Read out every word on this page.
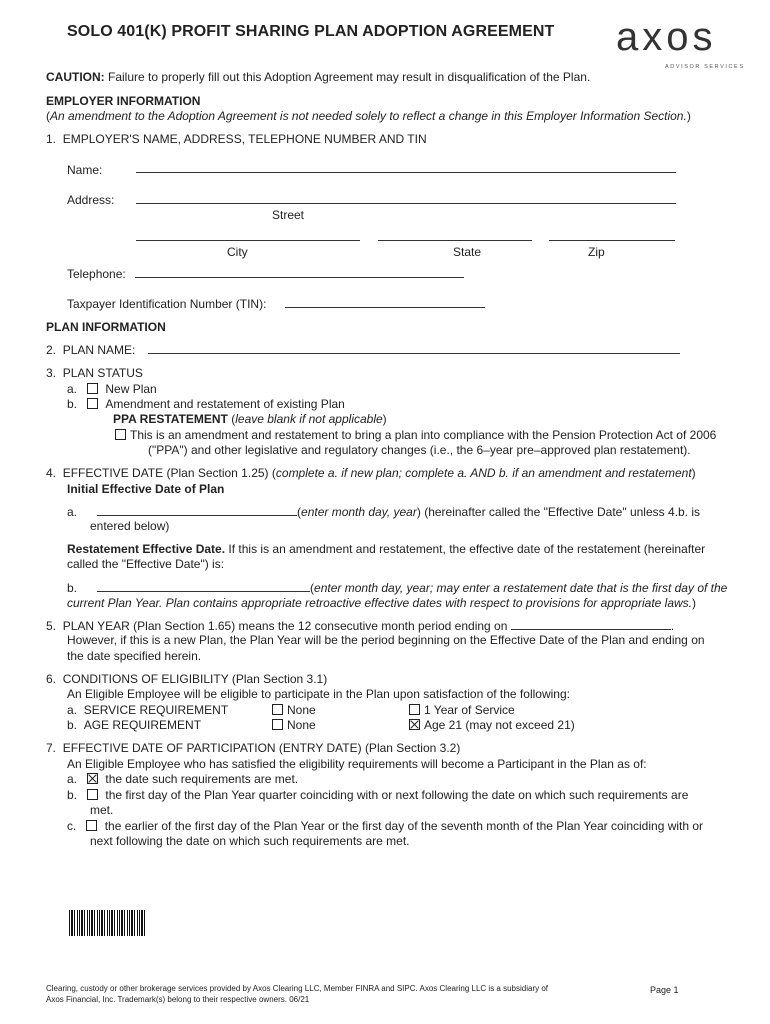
SOLO 401(K) PROFIT SHARING PLAN ADOPTION AGREEMENT axos
ADVISOR SERVICES
CAUTION: Failure to properly fill out this Adoption Agreement may result in disqualification of the Plan.
EMPLOYER INFORMATION
(An amendment to the Adoption Agreement is not needed solely to reflect a change in this Employer Information Section.)
1.  EMPLOYER'S NAME, ADDRESS, TELEPHONE NUMBER AND TIN
Name:
Address:
Street
City	State	Zip
Telephone:
Taxpayer Identification Number (TIN):
PLAN INFORMATION
2.  PLAN NAME:
3.  PLAN STATUS
a.    New Plan
b.    Amendment and restatement of existing Plan
PPA RESTATEMENT (leave blank if not applicable)
This is an amendment and restatement to bring a plan into compliance with the Pension Protection Act of 2006
("PPA") and other legislative and regulatory changes (i.e., the 6–year pre–approved plan restatement).
4.  EFFECTIVE DATE (Plan Section 1.25) (complete a. if new plan; complete a. AND b. if an amendment and restatement)
Initial Effective Date of Plan
a.	(enter month day, year) (hereinafter called the "Effective Date" unless 4.b. is
entered below)
Restatement Effective Date. If this is an amendment and restatement, the effective date of the restatement (hereinafter
called the "Effective Date") is:
b.	(enter month day, year; may enter a restatement date that is the first day of the
current Plan Year. Plan contains appropriate retroactive effective dates with respect to provisions for appropriate laws.)
5.  PLAN YEAR (Plan Section 1.65) means the 12 consecutive month period ending on	.
However, if this is a new Plan, the Plan Year will be the period beginning on the Effective Date of the Plan and ending on
the date specified herein.
6.  CONDITIONS OF ELIGIBILITY (Plan Section 3.1)
An Eligible Employee will be eligible to participate in the Plan upon satisfaction of the following:
a.  SERVICE REQUIREMENT	None	1 Year of Service
b.  AGE REQUIREMENT	None	Age 21 (may not exceed 21)
7.  EFFECTIVE DATE OF PARTICIPATION (ENTRY DATE) (Plan Section 3.2)
An Eligible Employee who has satisfied the eligibility requirements will become a Participant in the Plan as of:
a.    the date such requirements are met.
b.    the first day of the Plan Year quarter coinciding with or next following the date on which such requirements are
met.
c.    the earlier of the first day of the Plan Year or the first day of the seventh month of the Plan Year coinciding with or
next following the date on which such requirements are met.
Clearing, custody or other brokerage services provided by Axos Clearing LLC, Member FINRA and SIPC. Axos Clearing LLC is a subsidiary of
Axos Financial, Inc. Trademark(s) belong to their respective owners. 06/21
Page 1
